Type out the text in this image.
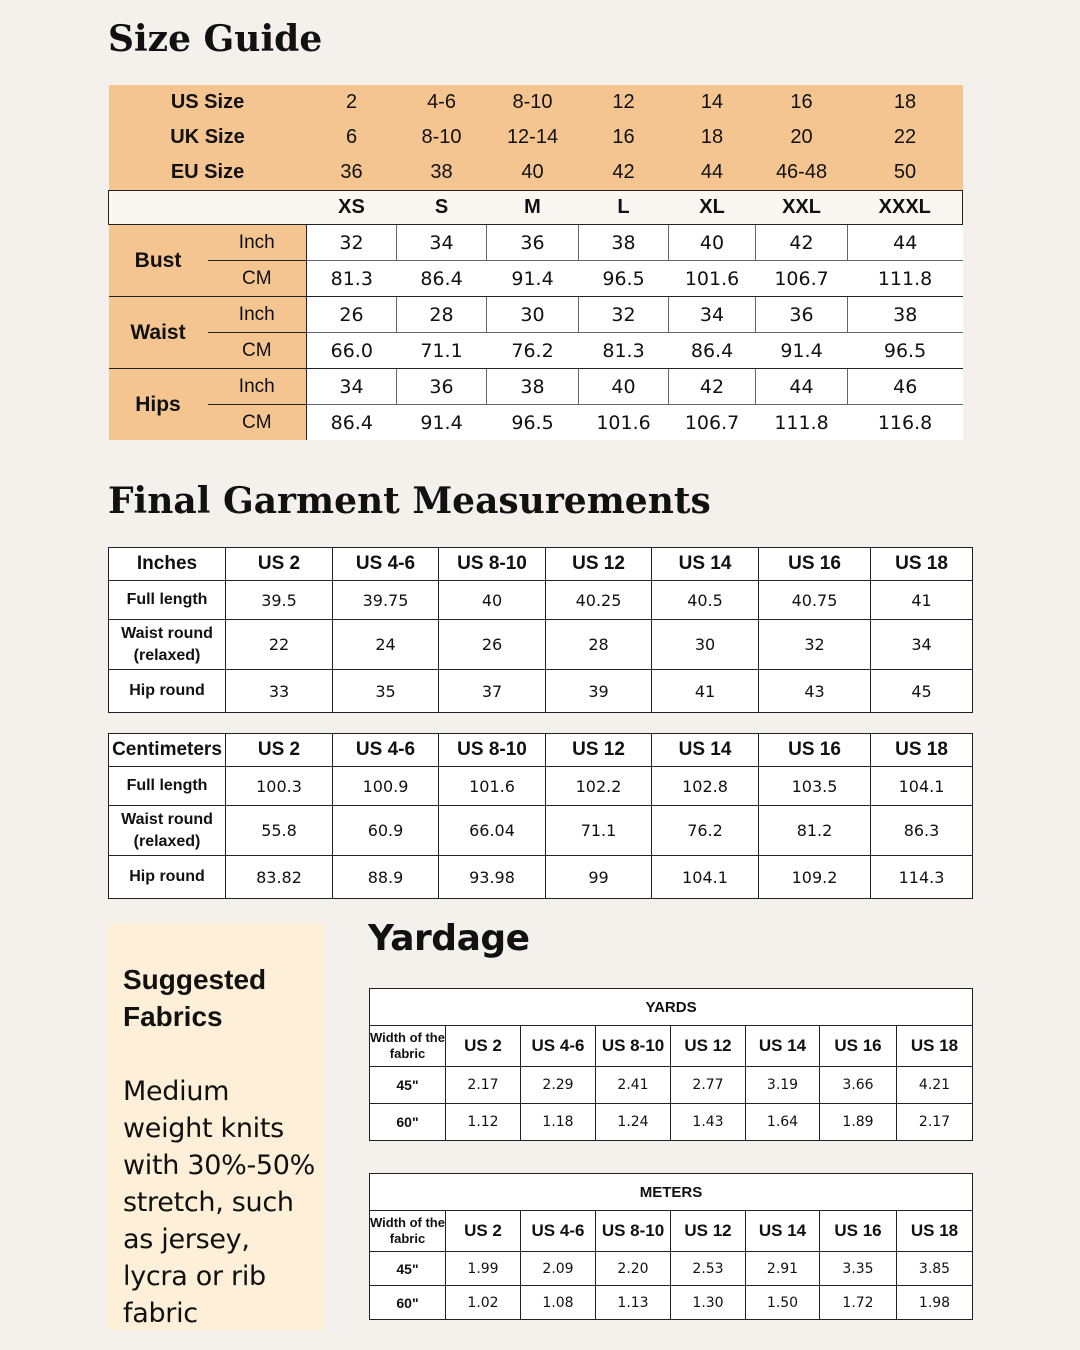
Size Guide
US Size		2	4-6	8-10	12	14	16	18
UK Size		6	8-10	12-14	16	18	20	22
EU Size		36	38	40	42	44	46-48	50
		XS	S	M	L	XL	XXL	XXXL
Bust	Inch	32	34	36	38	40	42	44
	CM	81.3	86.4	91.4	96.5	101.6	106.7	111.8
Waist	Inch	26	28	30	32	34	36	38
	CM	66.0	71.1	76.2	81.3	86.4	91.4	96.5
Hips	Inch	34	36	38	40	42	44	46
	CM	86.4	91.4	96.5	101.6	106.7	111.8	116.8
Final Garment Measurements
Inches	US 2	US 4-6	US 8-10	US 12	US 14	US 16	US 18
Full length	39.5	39.75	40	40.25	40.5	40.75	41
Waist round
(relaxed)	22	24	26	28	30	32	34
Hip round	33	35	37	39	41	43	45
Centimeters	US 2	US 4-6	US 8-10	US 12	US 14	US 16	US 18
Full length	100.3	100.9	101.6	102.2	102.8	103.5	104.1
Waist round
(relaxed)	55.8	60.9	66.04	71.1	76.2	81.2	86.3
Hip round	83.82	88.9	93.98	99	104.1	109.2	114.3
Suggested Fabrics
Medium weight knits with 30%-50% stretch, such as jersey, lycra or rib fabric
Yardage
YARDS							
Width of the fabric	US 2	US 4-6	US 8-10	US 12	US 14	US 16	US 18
45"	2.17	2.29	2.41	2.77	3.19	3.66	4.21
60"	1.12	1.18	1.24	1.43	1.64	1.89	2.17
METERS							
Width of the fabric	US 2	US 4-6	US 8-10	US 12	US 14	US 16	US 18
45"	1.99	2.09	2.20	2.53	2.91	3.35	3.85
60"	1.02	1.08	1.13	1.30	1.50	1.72	1.98
